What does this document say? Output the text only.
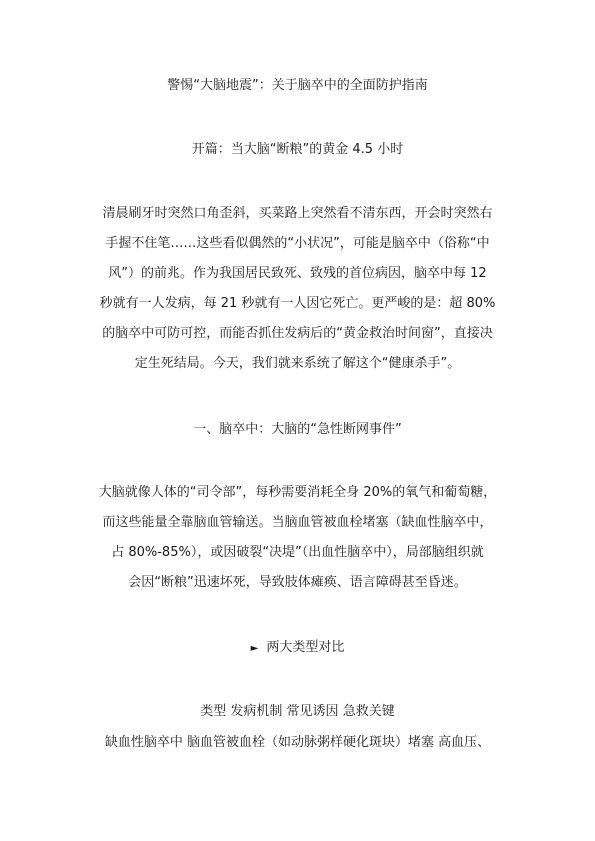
警惕“大脑地震”：关于脑卒中的全面防护指南
开篇：当大脑“断粮”的黄金 4.5 小时
清晨刷牙时突然口角歪斜，买菜路上突然看不清东西，开会时突然右
手握不住笔……这些看似偶然的“小状况”，可能是脑卒中（俗称“中
风”）的前兆。作为我国居民致死、致残的首位病因，脑卒中每 12
秒就有一人发病，每 21 秒就有一人因它死亡。更严峻的是：超 80%
的脑卒中可防可控，而能否抓住发病后的“黄金救治时间窗”，直接决
定生死结局。今天，我们就来系统了解这个“健康杀手”。
一、脑卒中：大脑的“急性断网事件”
大脑就像人体的“司令部”，每秒需要消耗全身 20%的氧气和葡萄糖，
而这些能量全靠脑血管输送。当脑血管被血栓堵塞（缺血性脑卒中，
占 80%-85%），或因破裂“决堤”（出血性脑卒中），局部脑组织就
会因“断粮”迅速坏死，导致肢体瘫痪、语言障碍甚至昏迷。
► 两大类型对比
类型 发病机制 常见诱因 急救关键
缺血性脑卒中 脑血管被血栓（如动脉粥样硬化斑块）堵塞 高血压、
